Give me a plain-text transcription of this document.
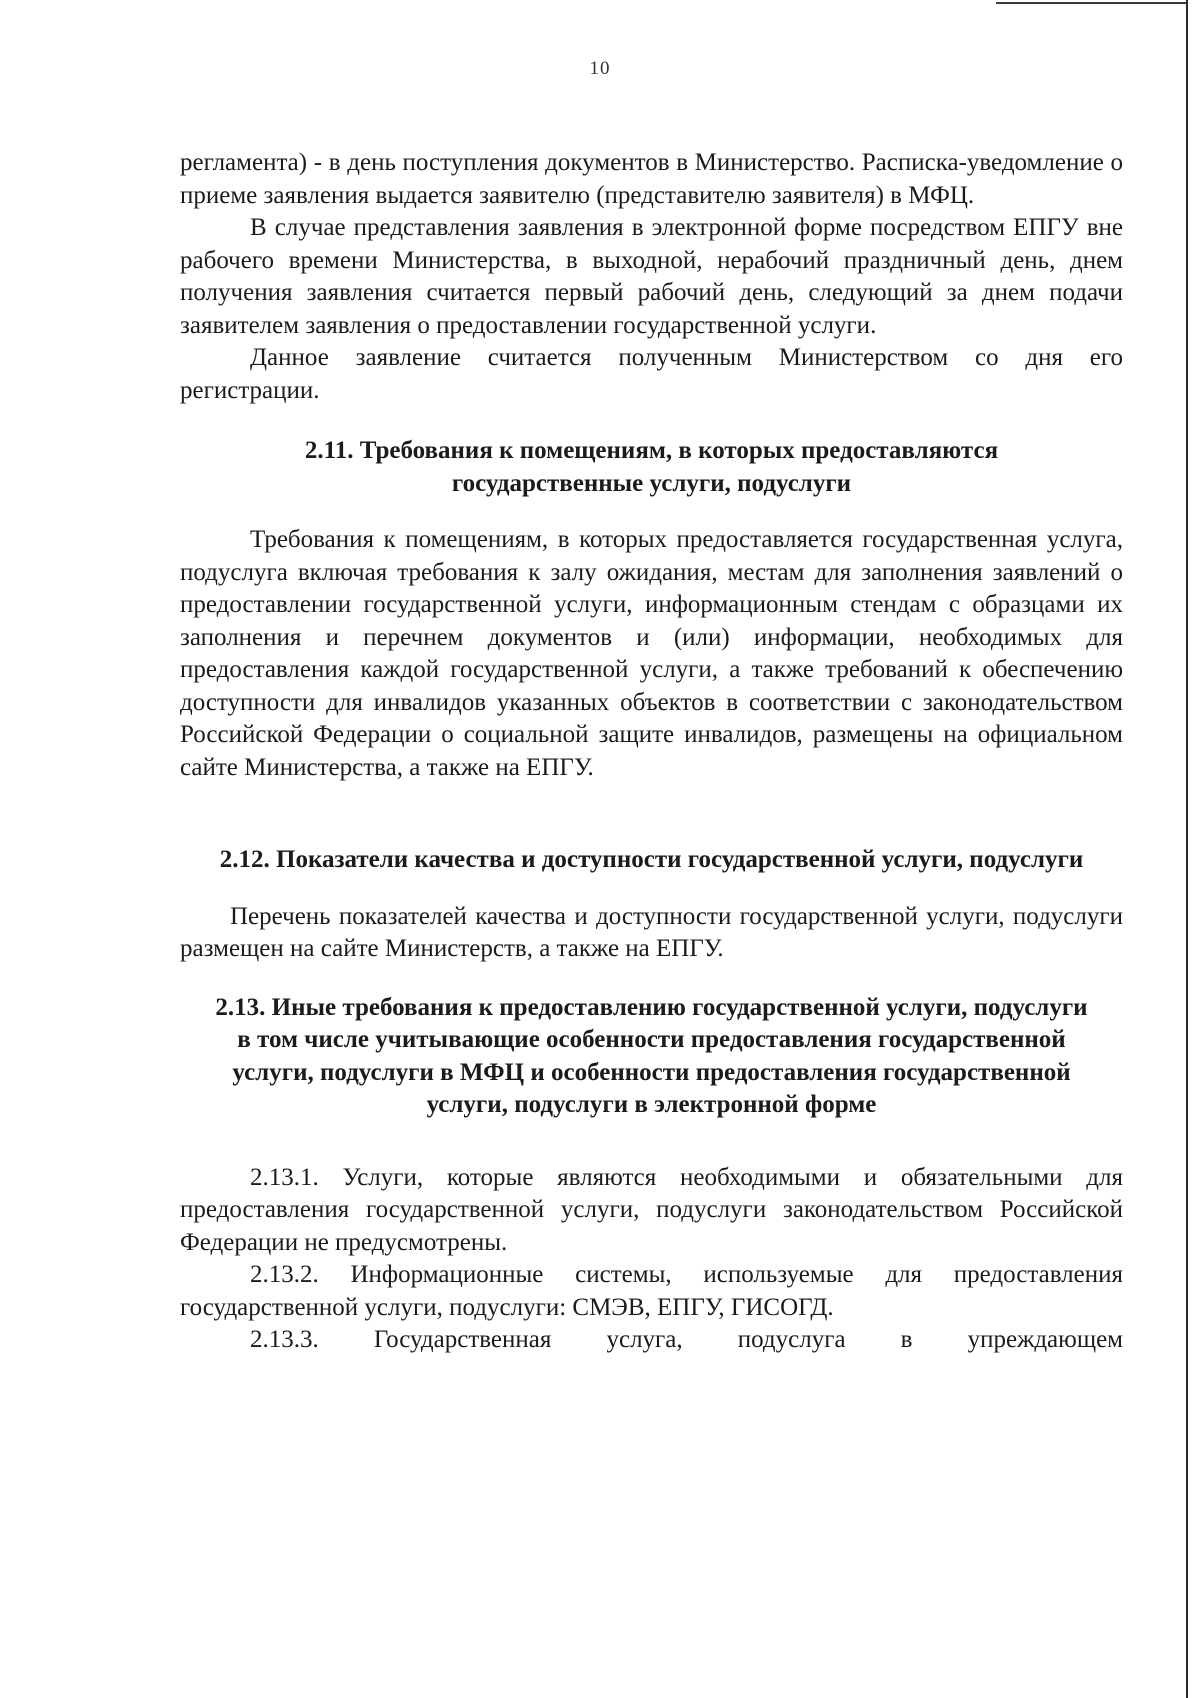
10

регламента) - в день поступления документов в Министерство. Расписка-уведомление о приеме заявления выдается заявителю (представителю заявителя) в МФЦ.

В случае представления заявления в электронной форме посредством ЕПГУ вне рабочего времени Министерства, в выходной, нерабочий праздничный день, днем получения заявления считается первый рабочий день, следующий за днем подачи заявителем заявления о предоставлении государственной услуги.

Данное заявление считается полученным Министерством со дня его регистрации.

2.11. Требования к помещениям, в которых предоставляются государственные услуги, подуслуги

Требования к помещениям, в которых предоставляется государственная услуга, подуслуга включая требования к залу ожидания, местам для заполнения заявлений о предоставлении государственной услуги, информационным стендам с образцами их заполнения и перечнем документов и (или) информации, необходимых для предоставления каждой государственной услуги, а также требований к обеспечению доступности для инвалидов указанных объектов в соответствии с законодательством Российской Федерации о социальной защите инвалидов, размещены на официальном сайте Министерства, а также на ЕПГУ.

2.12. Показатели качества и доступности государственной услуги, подуслуги

Перечень показателей качества и доступности государственной услуги, подуслуги размещен на сайте Министерств, а также на ЕПГУ.

2.13. Иные требования к предоставлению государственной услуги, подуслуги в том числе учитывающие особенности предоставления государственной услуги, подуслуги в МФЦ и особенности предоставления государственной услуги, подуслуги в электронной форме

2.13.1. Услуги, которые являются необходимыми и обязательными для предоставления государственной услуги, подуслуги законодательством Российской Федерации не предусмотрены.

2.13.2. Информационные системы, используемые для предоставления государственной услуги, подуслуги: СМЭВ, ЕПГУ, ГИСОГД.

2.13.3. Государственная услуга, подуслуга в упреждающем
